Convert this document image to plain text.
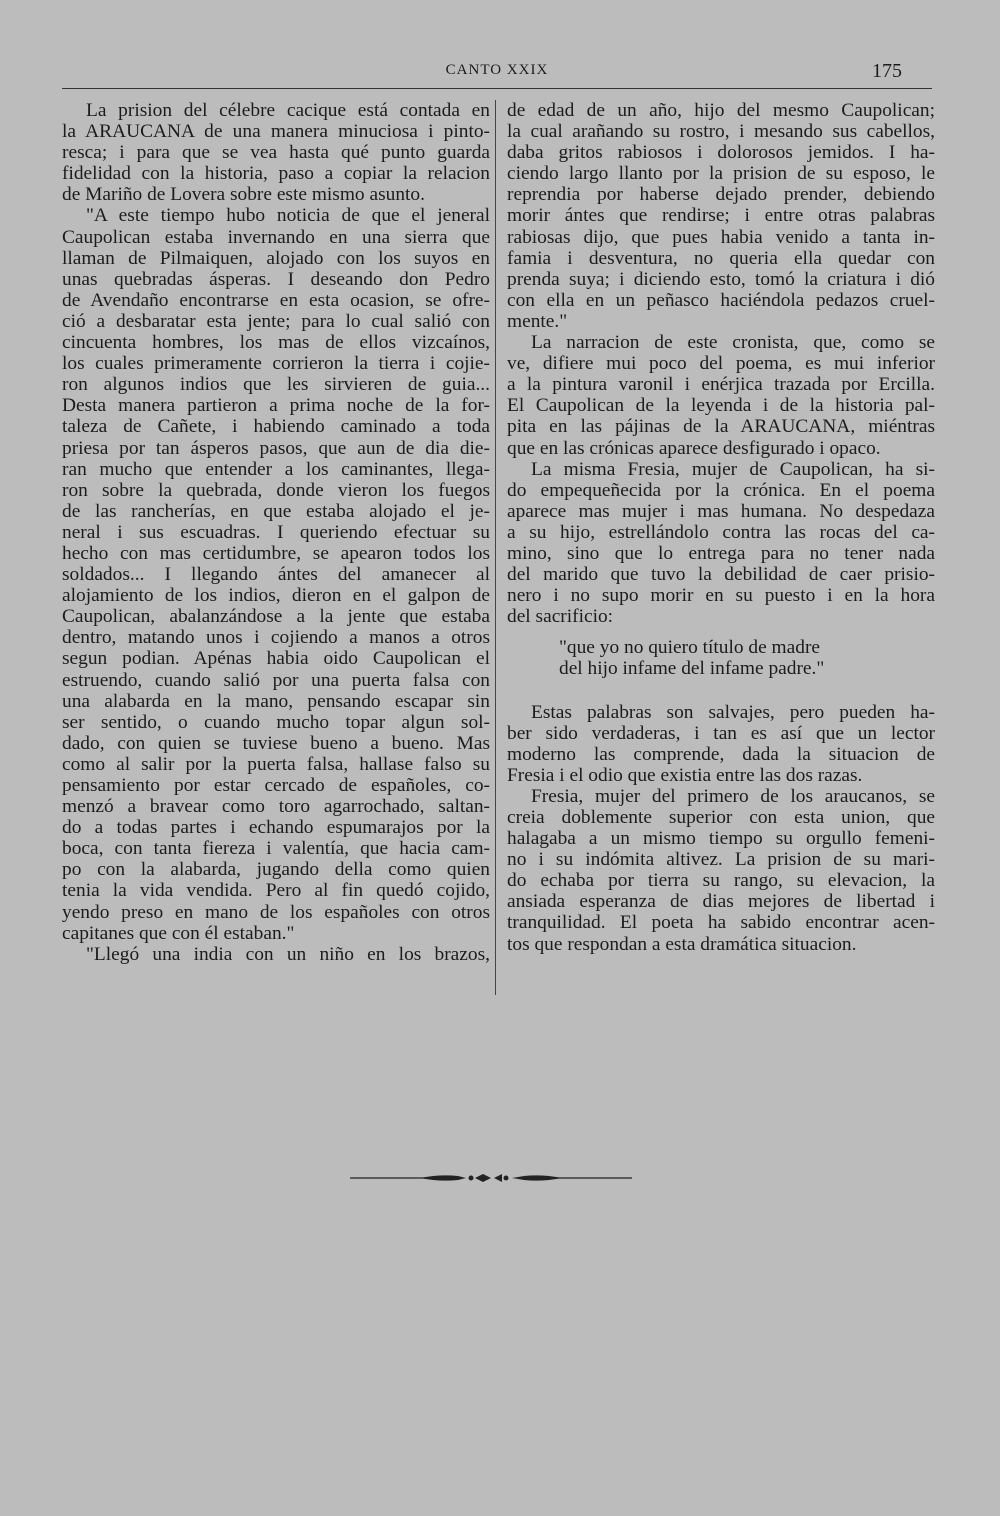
CANTO XXIX	175
La prision del célebre cacique está contada en
la ARAUCANA de una manera minuciosa i pinto-
resca; i para que se vea hasta qué punto guarda
fidelidad con la historia, paso a copiar la relacion
de Mariño de Lovera sobre este mismo asunto.
"A este tiempo hubo noticia de que el jeneral
Caupolican estaba invernando en una sierra que
llaman de Pilmaiquen, alojado con los suyos en
unas quebradas ásperas. I deseando don Pedro
de Avendaño encontrarse en esta ocasion, se ofre-
ció a desbaratar esta jente; para lo cual salió con
cincuenta hombres, los mas de ellos vizcaínos,
los cuales primeramente corrieron la tierra i cojie-
ron algunos indios que les sirvieren de guia...
Desta manera partieron a prima noche de la for-
taleza de Cañete, i habiendo caminado a toda
priesa por tan ásperos pasos, que aun de dia die-
ran mucho que entender a los caminantes, llega-
ron sobre la quebrada, donde vieron los fuegos
de las rancherías, en que estaba alojado el je-
neral i sus escuadras. I queriendo efectuar su
hecho con mas certidumbre, se apearon todos los
soldados... I llegando ántes del amanecer al
alojamiento de los indios, dieron en el galpon de
Caupolican, abalanzándose a la jente que estaba
dentro, matando unos i cojiendo a manos a otros
segun podian. Apénas habia oido Caupolican el
estruendo, cuando salió por una puerta falsa con
una alabarda en la mano, pensando escapar sin
ser sentido, o cuando mucho topar algun sol-
dado, con quien se tuviese bueno a bueno. Mas
como al salir por la puerta falsa, hallase falso su
pensamiento por estar cercado de españoles, co-
menzó a bravear como toro agarrochado, saltan-
do a todas partes i echando espumarajos por la
boca, con tanta fiereza i valentía, que hacia cam-
po con la alabarda, jugando della como quien
tenia la vida vendida. Pero al fin quedó cojido,
yendo preso en mano de los españoles con otros
capitanes que con él estaban."
"Llegó una india con un niño en los brazos,
de edad de un año, hijo del mesmo Caupolican;
la cual arañando su rostro, i mesando sus cabellos,
daba gritos rabiosos i dolorosos jemidos. I ha-
ciendo largo llanto por la prision de su esposo, le
reprendia por haberse dejado prender, debiendo
morir ántes que rendirse; i entre otras palabras
rabiosas dijo, que pues habia venido a tanta in-
famia i desventura, no queria ella quedar con
prenda suya; i diciendo esto, tomó la criatura i dió
con ella en un peñasco haciéndola pedazos cruel-
mente."
La narracion de este cronista, que, como se
ve, difiere mui poco del poema, es mui inferior
a la pintura varonil i enérjica trazada por Ercilla.
El Caupolican de la leyenda i de la historia pal-
pita en las pájinas de la ARAUCANA, miéntras
que en las crónicas aparece desfigurado i opaco.
La misma Fresia, mujer de Caupolican, ha si-
do empequeñecida por la crónica. En el poema
aparece mas mujer i mas humana. No despedaza
a su hijo, estrellándolo contra las rocas del ca-
mino, sino que lo entrega para no tener nada
del marido que tuvo la debilidad de caer prisio-
nero i no supo morir en su puesto i en la hora
del sacrificio:
"que yo no quiero título de madre
del hijo infame del infame padre."
Estas palabras son salvajes, pero pueden ha-
ber sido verdaderas, i tan es así que un lector
moderno las comprende, dada la situacion de
Fresia i el odio que existia entre las dos razas.
Fresia, mujer del primero de los araucanos, se
creia doblemente superior con esta union, que
halagaba a un mismo tiempo su orgullo femeni-
no i su indómita altivez. La prision de su mari-
do echaba por tierra su rango, su elevacion, la
ansiada esperanza de dias mejores de libertad i
tranquilidad. El poeta ha sabido encontrar acen-
tos que respondan a esta dramática situacion.
